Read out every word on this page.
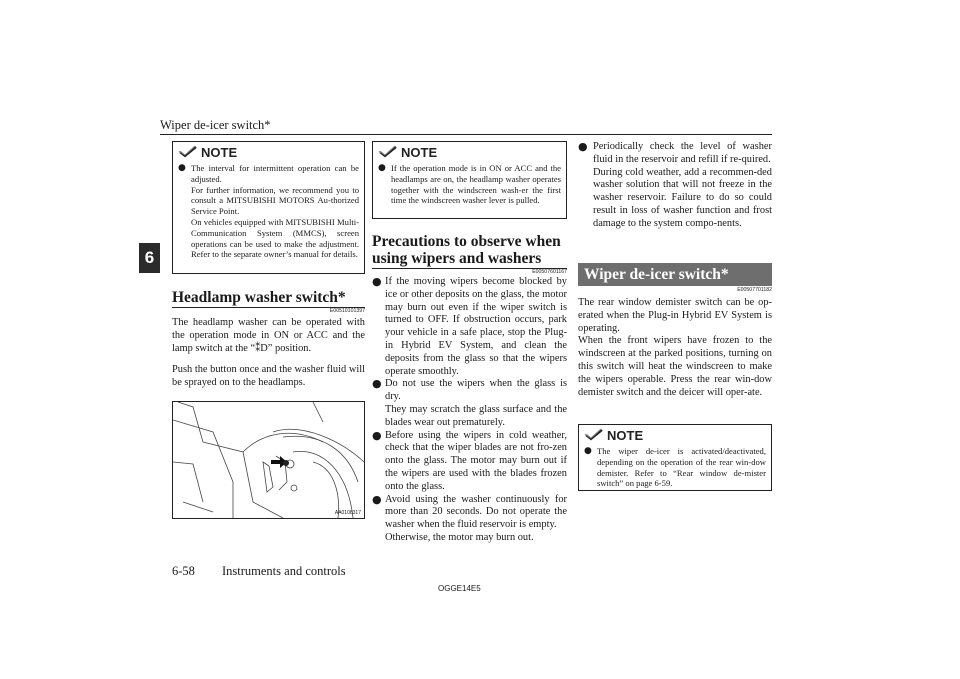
Wiper de-icer switch*
6
NOTE
● The interval for intermittent operation can be adjusted.
For further information, we recommend you to consult a MITSUBISHI MOTORS Au-thorized Service Point.
On vehicles equipped with MITSUBISHI Multi-Communication System (MMCS), screen operations can be used to make the adjustment. Refer to the separate owner’s manual for details.
Headlamp washer switch*
E00510101397
The headlamp washer can be operated with the operation mode in ON or ACC and the lamp switch at the “⁑D” position.
Push the button once and the washer fluid will be sprayed on to the headlamps.
AA0108317
NOTE
● If the operation mode is in ON or ACC and the headlamps are on, the headlamp washer operates together with the windscreen wash-er the first time the windscreen washer lever is pulled.
Precautions to observe when
using wipers and washers
E00507601167
● If the moving wipers become blocked by ice or other deposits on the glass, the motor may burn out even if the wiper switch is turned to OFF. If obstruction occurs, park your vehicle in a safe place, stop the Plug-in Hybrid EV System, and clean the deposits from the glass so that the wipers operate smoothly.
● Do not use the wipers when the glass is dry.
They may scratch the glass surface and the blades wear out prematurely.
● Before using the wipers in cold weather, check that the wiper blades are not fro-zen onto the glass. The motor may burn out if the wipers are used with the blades frozen onto the glass.
● Avoid using the washer continuously for more than 20 seconds. Do not operate the washer when the fluid reservoir is empty.
Otherwise, the motor may burn out.
● Periodically check the level of washer fluid in the reservoir and refill if re-quired.
During cold weather, add a recommen-ded washer solution that will not freeze in the washer reservoir. Failure to do so could result in loss of washer function and frost damage to the system compo-nents.
Wiper de-icer switch*
E00507701182
The rear window demister switch can be op-erated when the Plug-in Hybrid EV System is operating.
When the front wipers have frozen to the windscreen at the parked positions, turning on this switch will heat the windscreen to make the wipers operable. Press the rear win-dow demister switch and the deicer will oper-ate.
NOTE
● The wiper de-icer is activated/deactivated, depending on the operation of the rear win-dow demister. Refer to “Rear window de-mister switch” on page 6-59.
6-58 Instruments and controls
OGGE14E5
